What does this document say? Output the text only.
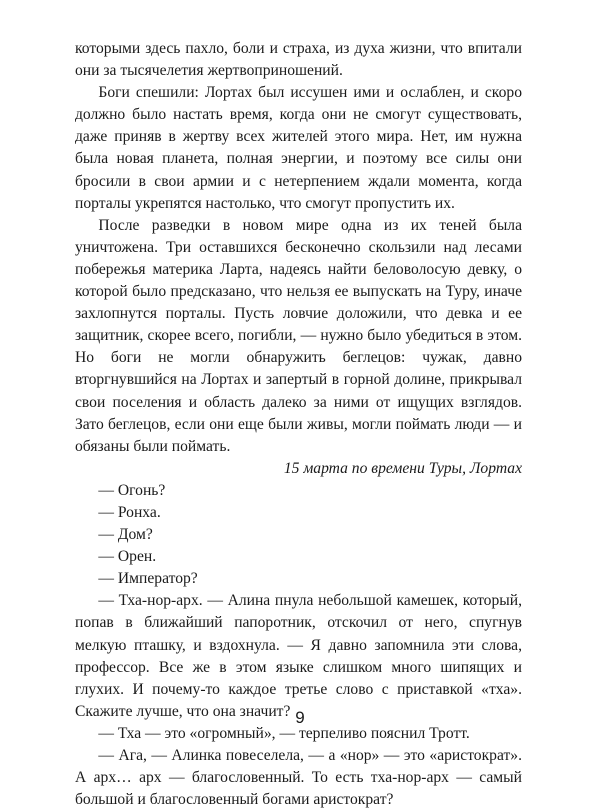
которыми здесь пахло, боли и страха, из духа жизни, что впитали они за тысячелетия жертвоприношений.

Боги спешили: Лортах был иссушен ими и ослаблен, и скоро должно было настать время, когда они не смогут существовать, даже приняв в жертву всех жителей этого мира. Нет, им нужна была новая планета, полная энергии, и поэтому все силы они бросили в свои армии и с нетерпением ждали момента, когда порталы укрепятся настолько, что смогут пропустить их.

После разведки в новом мире одна из их теней была уничтожена. Три оставшихся бесконечно скользили над лесами побережья материка Ларта, надеясь найти беловолосую девку, о которой было предсказано, что нельзя ее выпускать на Туру, иначе захлопнутся порталы. Пусть ловчие доложили, что девка и ее защитник, скорее всего, погибли, — нужно было убедиться в этом. Но боги не могли обнаружить беглецов: чужак, давно вторгнувшийся на Лортах и запертый в горной долине, прикрывал свои поселения и область далеко за ними от ищущих взглядов. Зато беглецов, если они еще были живы, могли поймать люди — и обязаны были поймать.

15 марта по времени Туры, Лортах

— Огонь?

— Ронха.

— Дом?

— Орен.

— Император?

— Тха-нор-арх. — Алина пнула небольшой камешек, который, попав в ближайший папоротник, отскочил от него, спугнув мелкую пташку, и вздохнула. — Я давно запомнила эти слова, профессор. Все же в этом языке слишком много шипящих и глухих. И почему-то каждое третье слово с приставкой «тха». Скажите лучше, что она значит?

— Тха — это «огромный», — терпеливо пояснил Тротт.

— Ага, — Алинка повеселела, — а «нор» — это «аристократ». А арх… арх — благословенный. То есть тха-нор-арх — самый большой и благословенный богами аристократ?

9
